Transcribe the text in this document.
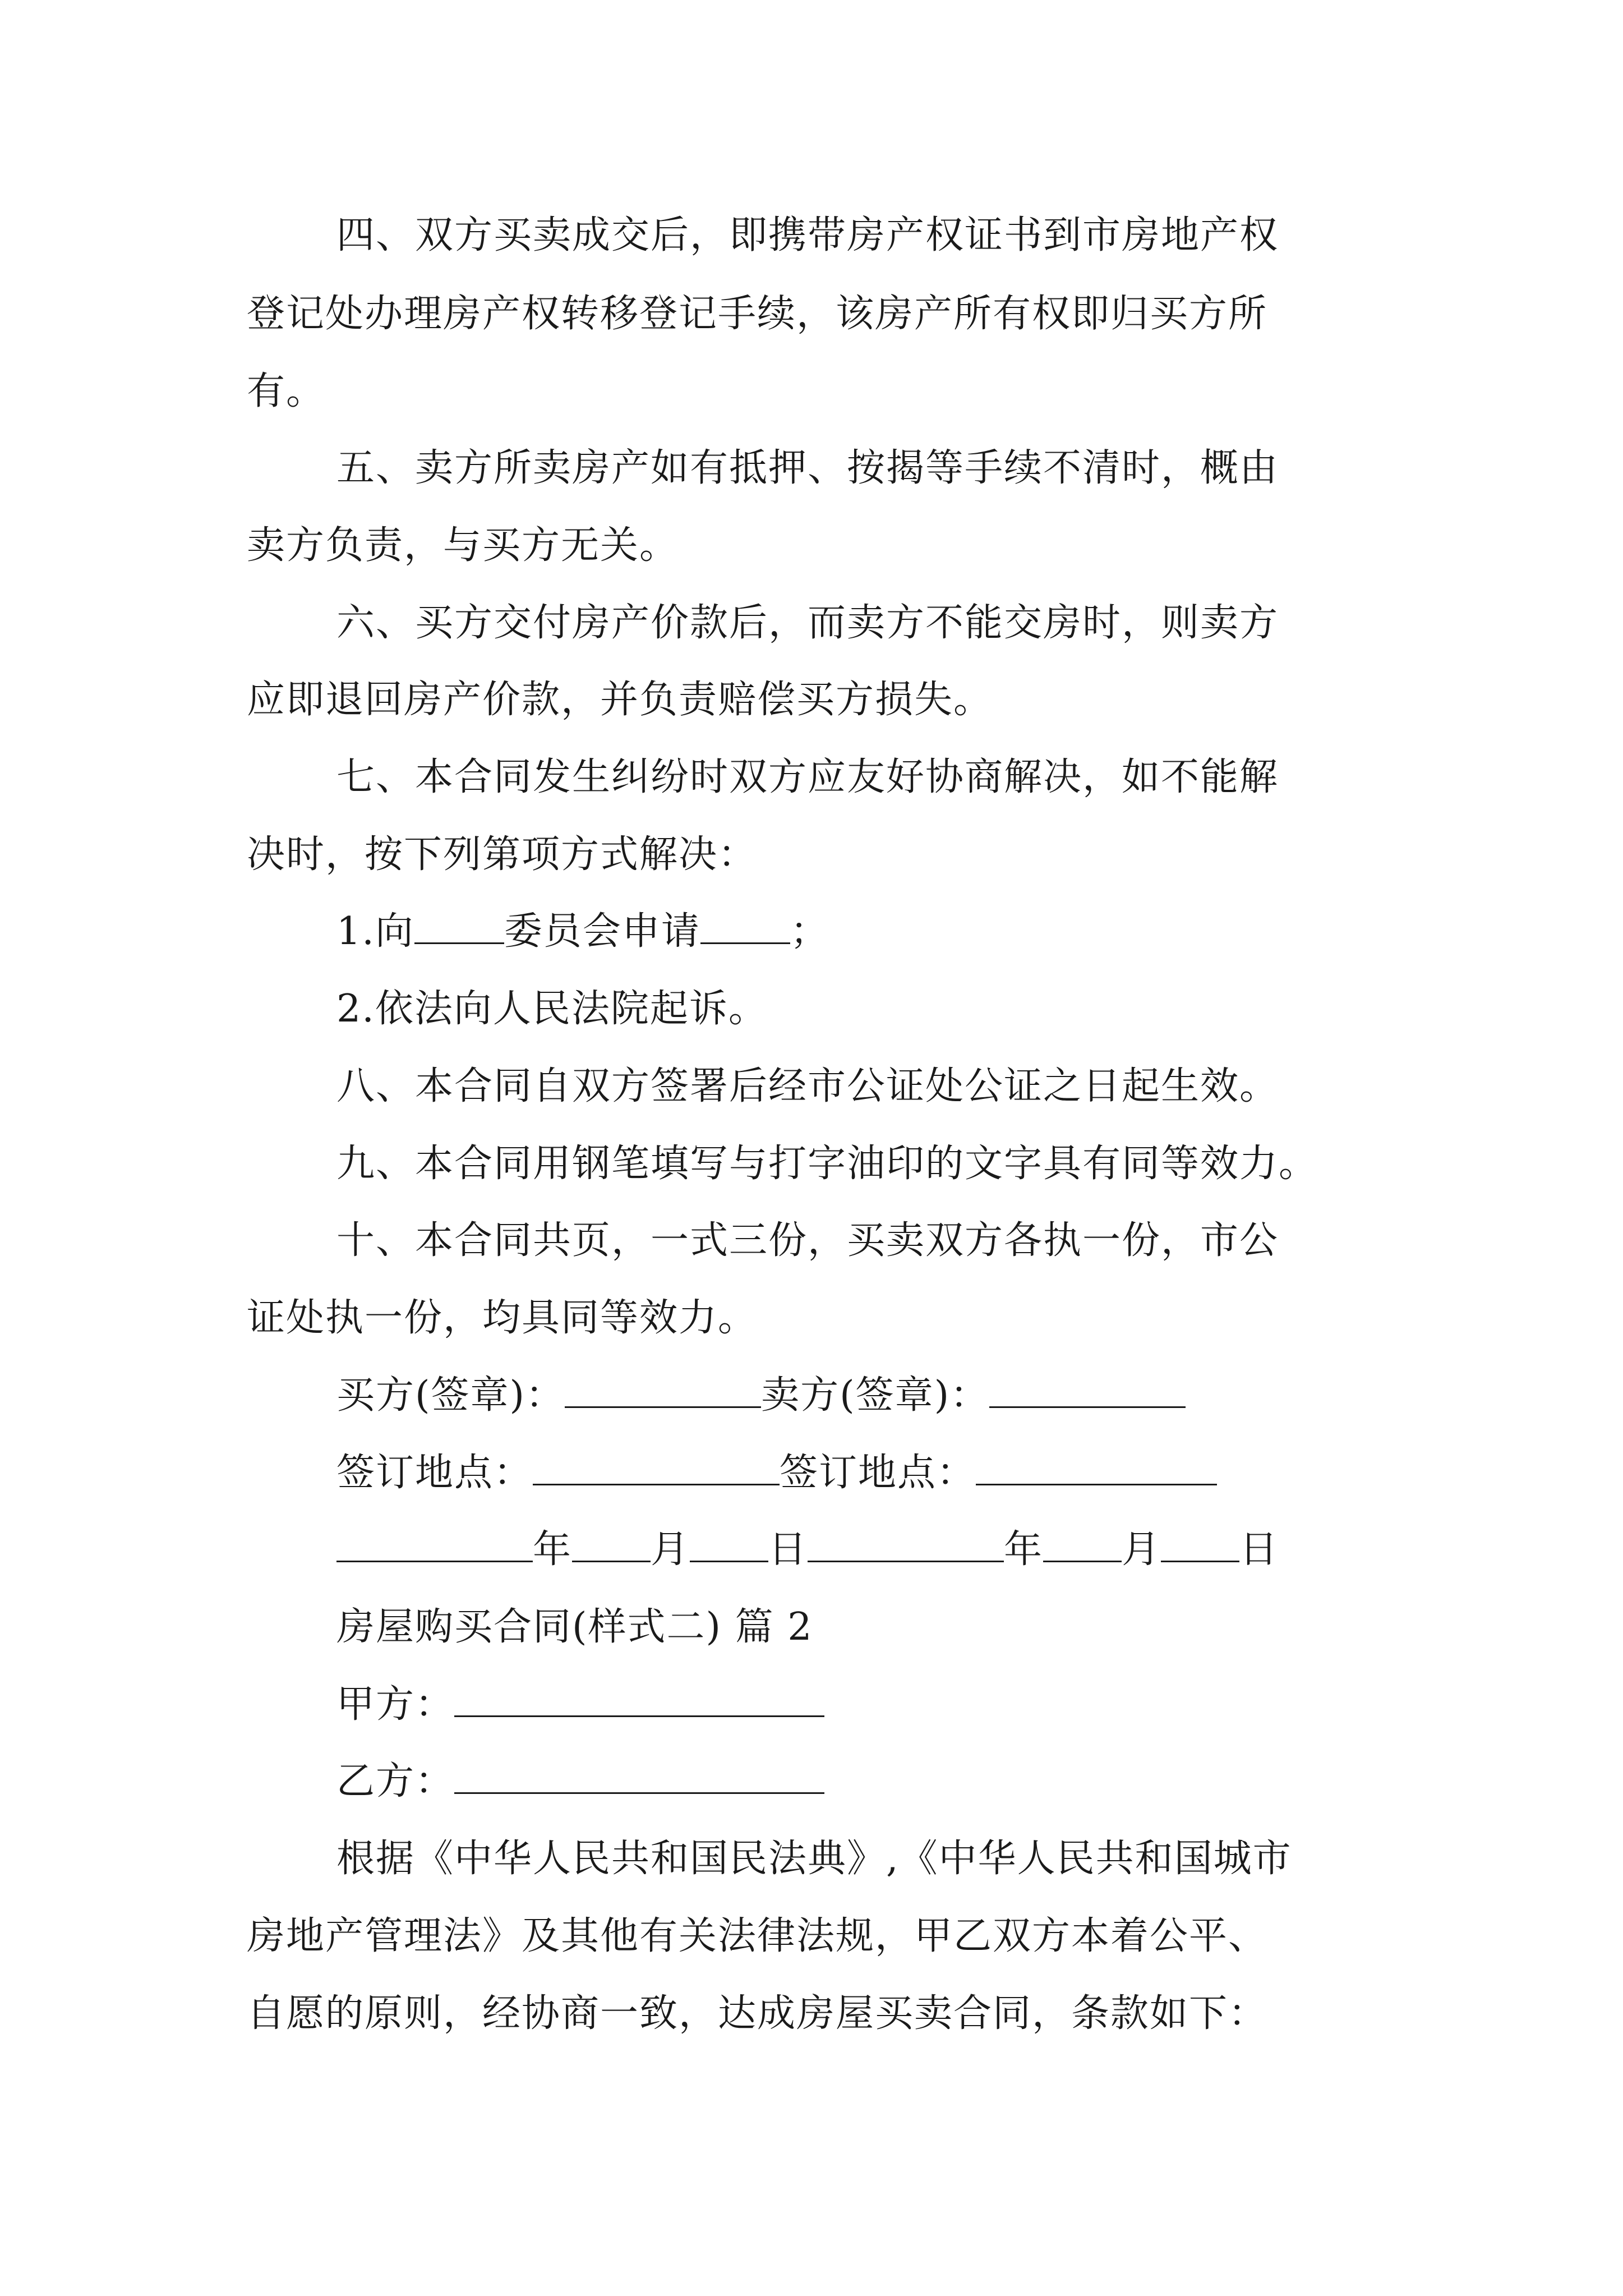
四、双方买卖成交后，即携带房产权证书到市房地产权
登记处办理房产权转移登记手续，该房产所有权即归买方所
有。
五、卖方所卖房产如有抵押、按揭等手续不清时，概由
卖方负责，与买方无关。
六、买方交付房产价款后，而卖方不能交房时，则卖方
应即退回房产价款，并负责赔偿买方损失。
七、本合同发生纠纷时双方应友好协商解决，如不能解
决时，按下列第项方式解决：
1.向 委员会申请 ；
2.依法向人民法院起诉。
八、本合同自双方签署后经市公证处公证之日起生效。
九、本合同用钢笔填写与打字油印的文字具有同等效力。
十、本合同共页，一式三份，买卖双方各执一份，市公
证处执一份，均具同等效力。
买方(签章)：	卖方(签章)：
签订地点：	签订地点：
年 月 日	年 月 日
房屋购买合同(样式二) 篇 2
甲方：
乙方：
根据《中华人民共和国民法典》,《中华人民共和国城市
房地产管理法》及其他有关法律法规，甲乙双方本着公平、
自愿的原则，经协商一致，达成房屋买卖合同，条款如下：
